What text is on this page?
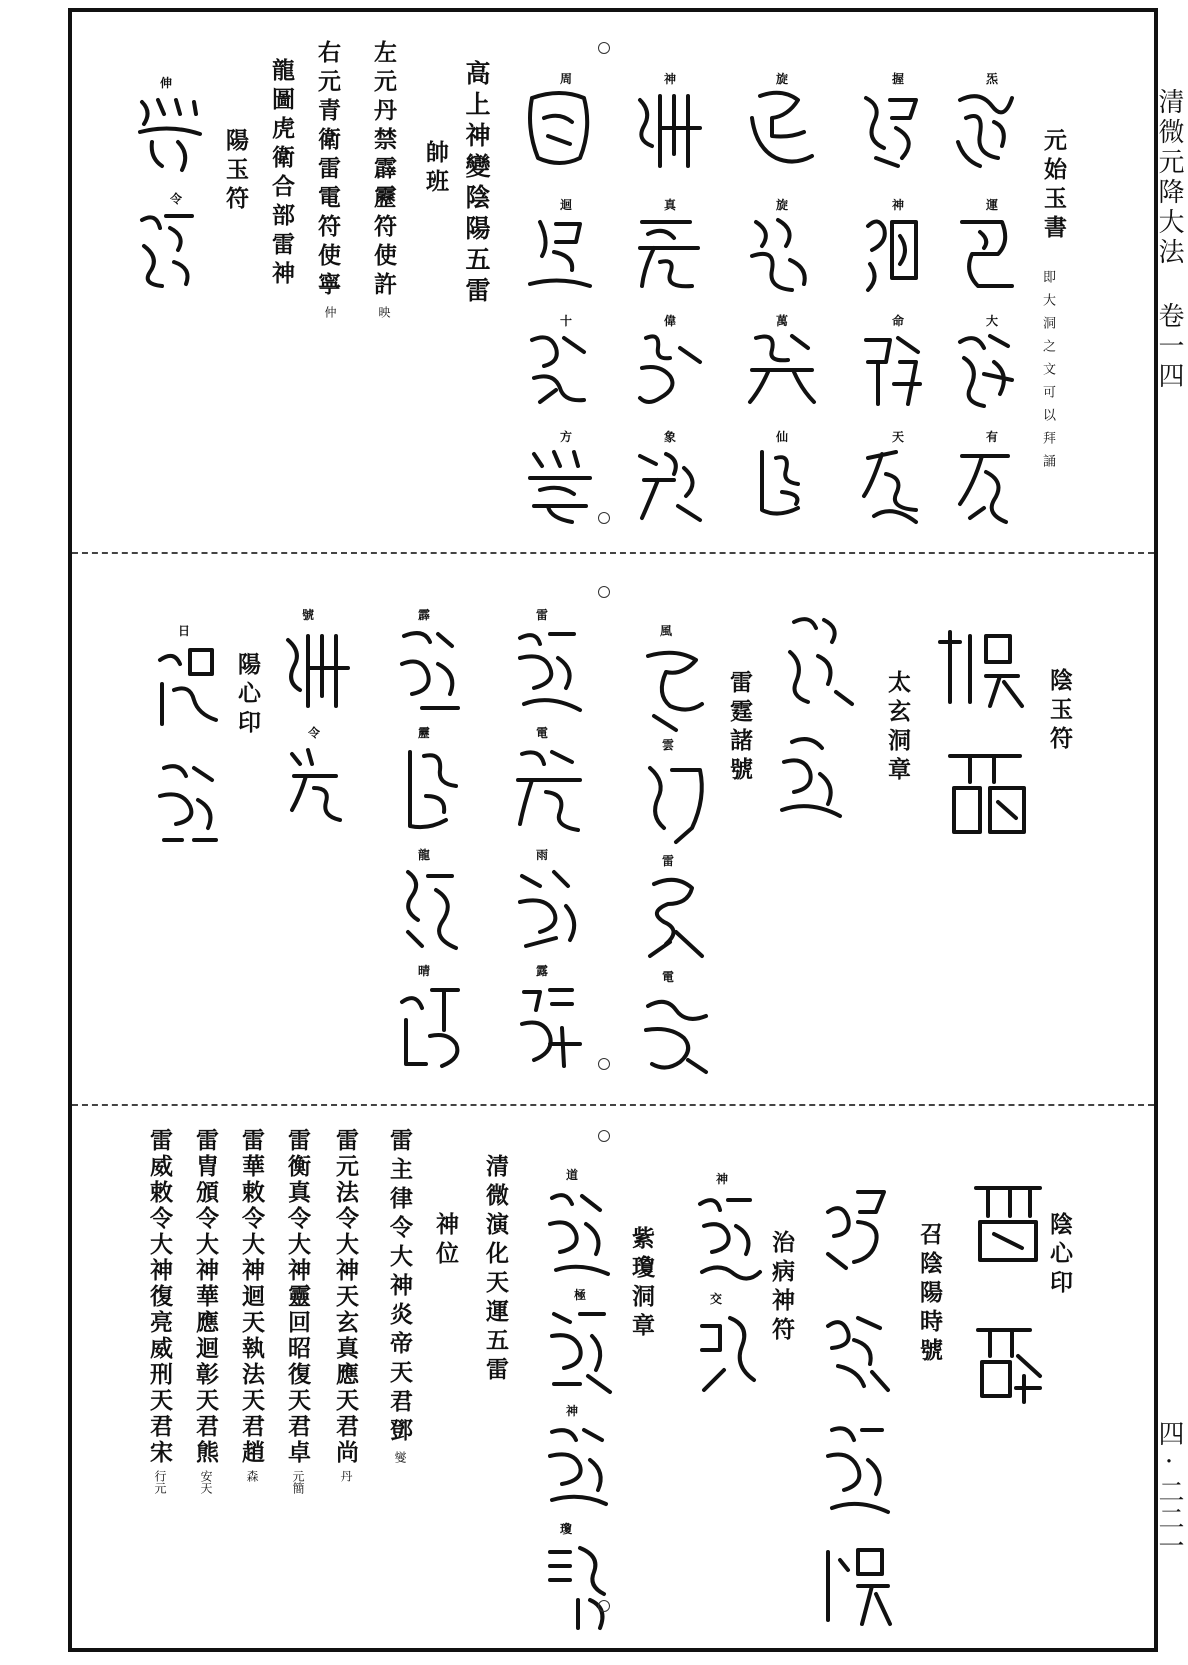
清微元降大法 卷一四
四·二二一
元始玉書
即大洞之文可以拜誦
高上神變陰陽五雷
帥班
左元丹禁霹靂符使許
映
右元青衛雷電符使寧
仲
龍圖虎衛合部雷神
陽玉符
炁
運
大
有
握
神
命
天
旋
旋
萬
仙
神
真
偉
象
周
迴
十
方
伸
令
陰玉符
太玄洞章
雷霆諸號
陽心印
風
雲
雷
電
雷
電
雨
露
霹
靂
龍
晴
號
令
日
陰心印
召陰陽時號
治病神符
紫瓊洞章
清微演化天運五雷
神位
雷主律令大神炎帝天君鄧
燮
雷元法令大神天玄真應天君尚
丹
雷衡真令大神靈回昭復天君卓
元簡
雷華敕令大神迴天執法天君趙
森
雷胄頒令大神華應迴彰天君熊
安天
雷威敕令大神復亮威刑天君宋
行元
神
交
道
極
神
瓊
